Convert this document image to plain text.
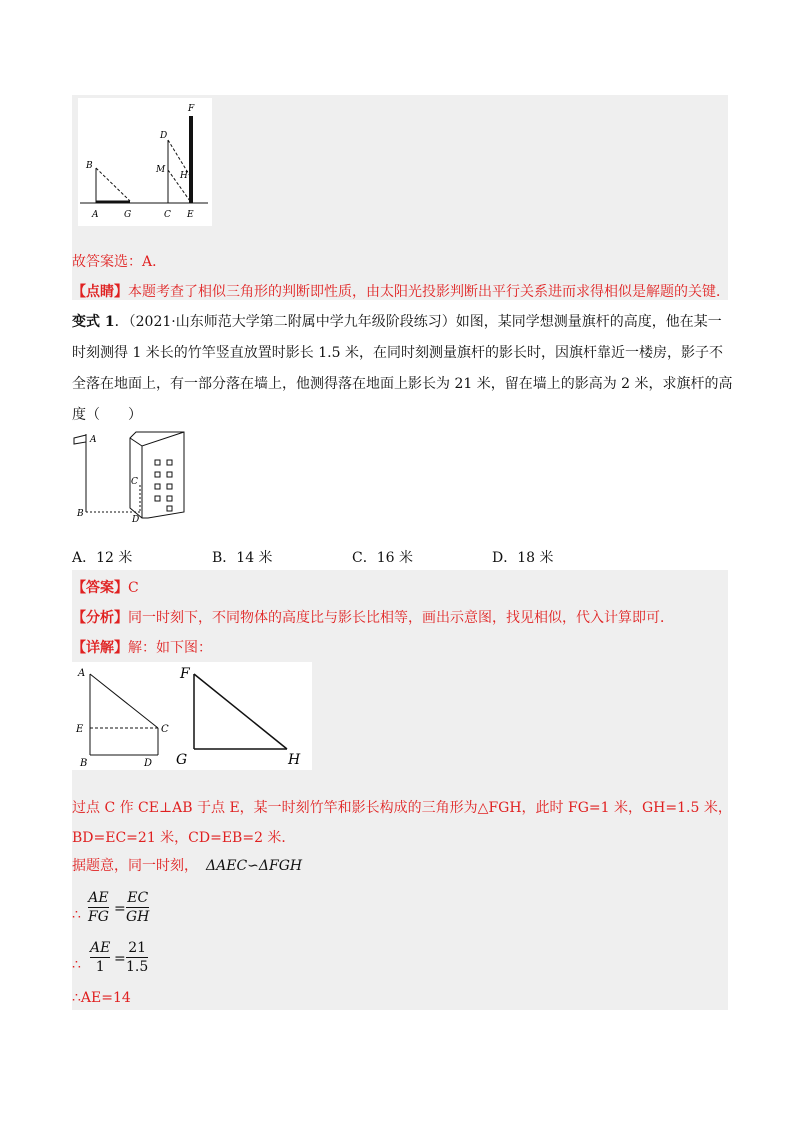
F
D
M
H
B
A	G	C E
故答案选：A．
【点睛】本题考查了相似三角形的判断即性质，由太阳光投影判断出平行关系进而求得相似是解题的关键．
变式 1．（2021·山东师范大学第二附属中学九年级阶段练习）如图，某同学想测量旗杆的高度，他在某一
时刻测得 1 米长的竹竿竖直放置时影长 1.5 米，在同时刻测量旗杆的影长时，因旗杆靠近一楼房，影子不
全落在地面上，有一部分落在墙上，他测得落在地面上影长为 21 米，留在墙上的影高为 2 米，求旗杆的高
度（　　）
A
C
B
D
A．12 米	B．14 米	C．16 米	D．18 米
【答案】C
【分析】同一时刻下，不同物体的高度比与影长比相等，画出示意图，找见相似，代入计算即可．
【详解】解：如下图：
A
E	C
B	D
F
G	H
过点 C 作 CE⊥AB 于点 E，某一时刻竹竿和影长构成的三角形为△FGH，此时 FG=1 米，GH=1.5 米，
BD=EC=21 米，CD=EB=2 米．
据题意，同一时刻， ΔAEC∽ΔFGH
∴
AE
FG =
EC
GH
∴
AE
1 =
21
1.5
∴AE=14
